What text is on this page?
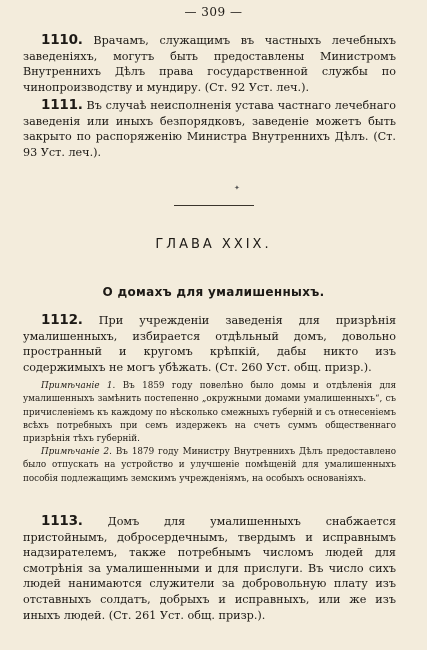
— 309 —

1110. Врачамъ, служащимъ въ частныхъ лечебныхъ заведенiяхъ, могутъ быть предоставлены Министромъ Внутреннихъ Дѣлъ права государственной службы по чинопроизводству и мундиру. (Ст. 92 Уст. леч.).

1111. Въ случаѣ неисполненiя устава частнаго лечебнаго заведенiя или иныхъ безпорядковъ, заведенiе можетъ быть закрыто по распоряженiю Министра Внутреннихъ Дѣлъ. (Ст. 93 Уст. леч.).

✦
ГЛАВА XXIX.
О домахъ для умалишенныхъ.

1112. При учрежденiи заведенiя для призрѣнiя умалишенныхъ, избирается отдѣльный домъ, довольно пространный и кругомъ крѣпкiй, дабы никто изъ содержимыхъ не могъ убѣжать. (Ст. 260 Уст. общ. призр.).

Примѣчанiе 1. Въ 1859 году повелѣно было домы и отдѣленiя для умалишенныхъ замѣнить постепенно „окружными домами умалишенныхъ“, съ причисленiемъ къ каждому по нѣсколько смежныхъ губернiй и съ отнесенiемъ всѣхъ потребныхъ при семъ издержекъ на счетъ суммъ общественнаго призрѣнiя тѣхъ губернiй.

Примѣчанiе 2. Въ 1879 году Министру Внутреннихъ Дѣлъ предоставлено было отпускать на устройство и улучшенiе помѣщенiй для умалишенныхъ пособiя подлежащимъ земскимъ учрежденiямъ, на особыхъ основанiяхъ.

1113. Домъ для умалишенныхъ снабжается пристойнымъ, добросердечнымъ, твердымъ и исправнымъ надзирателемъ, также потребнымъ числомъ людей для смотрѣнiя за умалишенными и для прислуги. Въ число сихъ людей нанимаются служители за добровольную плату изъ отставныхъ солдатъ, добрыхъ и исправныхъ, или же изъ иныхъ людей. (Ст. 261 Уст. общ. призр.).
